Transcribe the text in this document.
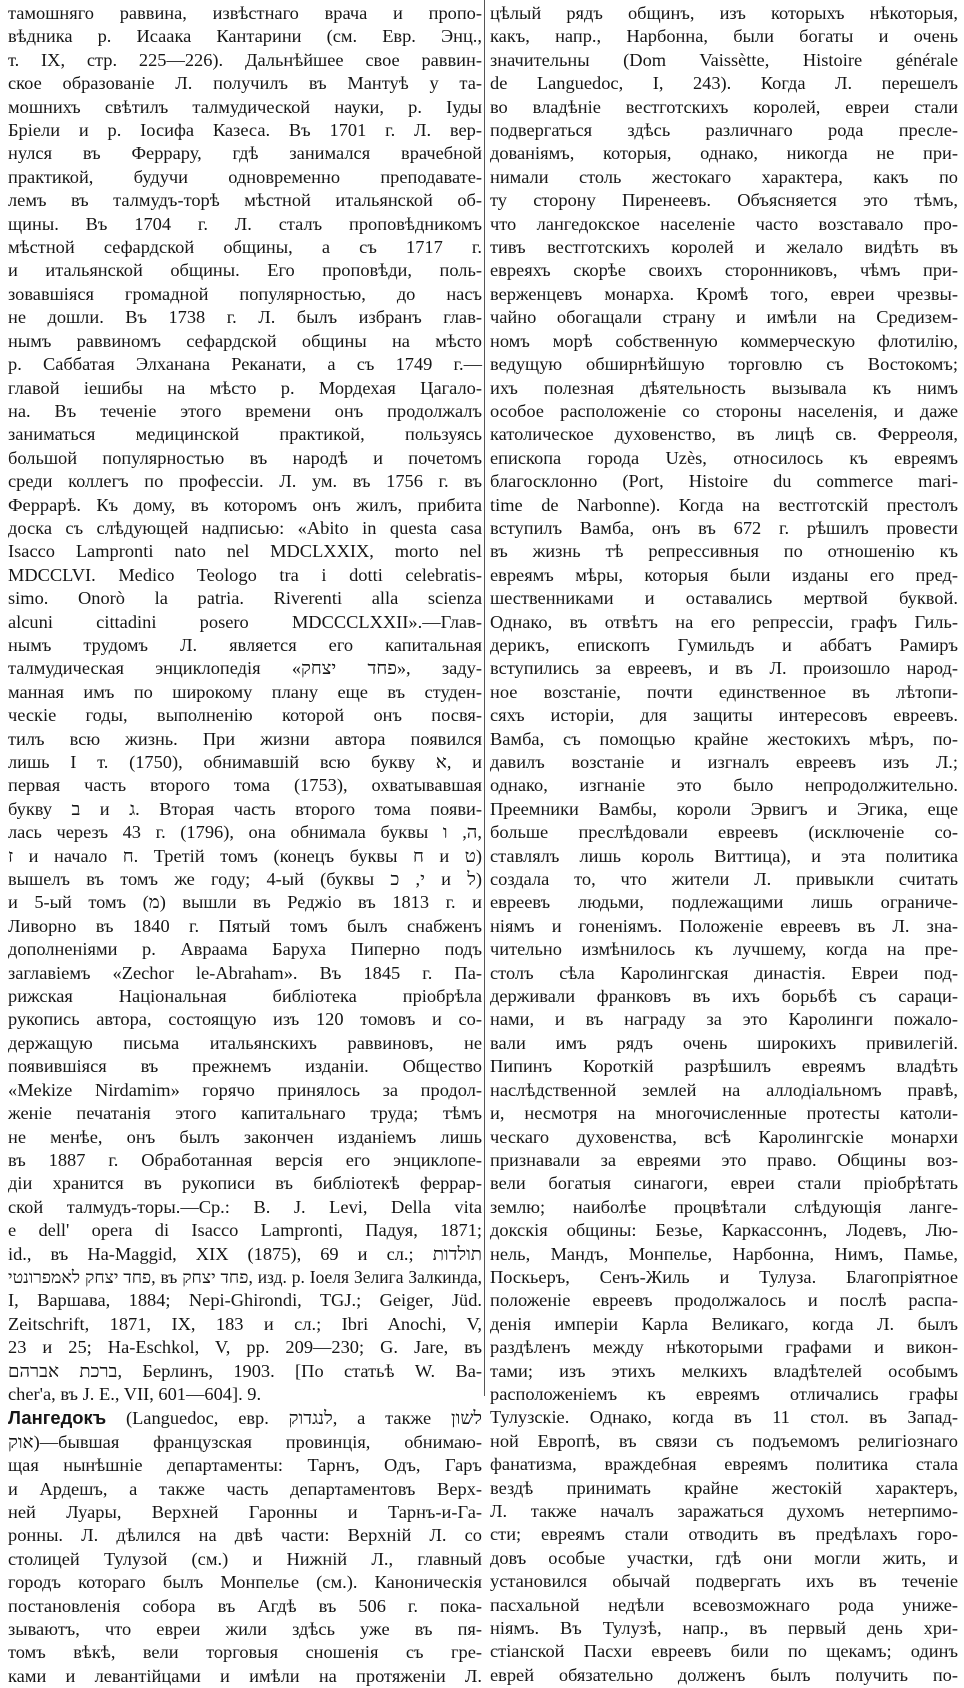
тамошняго раввина, извѣстнаго врача и пропо-
вѣдника р. Исаака Кантарини (см. Евр. Энц.,
т. IX, стр. 225—226). Дальнѣйшее свое раввин-
ское образованіе Л. получилъ въ Мантуѣ у та-
мошнихъ свѣтилъ талмудической науки, р. Іуды
Бріели и р. Іосифа Казеса. Въ 1701 г. Л. вер-
нулся въ Феррару, гдѣ занимался врачебной
практикой, будучи одновременно преподавате-
лемъ въ талмудъ-торѣ мѣстной итальянской об-
щины. Въ 1704 г. Л. сталъ проповѣдникомъ
мѣстной сефардской общины, а съ 1717 г.
и итальянской общины. Его проповѣди, поль-
зовавшіяся громадной популярностью, до насъ
не дошли. Въ 1738 г. Л. былъ избранъ глав-
нымъ раввиномъ сефардской общины на мѣсто
р. Саббатая Элханана Реканати, а съ 1749 г.—
главой іешибы на мѣсто р. Мордехая Цагало-
на. Въ теченіе этого времени онъ продолжалъ
заниматься медицинской практикой, пользуясь
большой популярностью въ народѣ и почетомъ
среди коллегъ по профессіи. Л. ум. въ 1756 г. въ
Феррарѣ. Къ дому, въ которомъ онъ жилъ, прибита
доска съ слѣдующей надписью: «Abito in questa casa
Isacco Lampronti nato nel MDCLXXIX, morto nel
MDCCLVI. Medico Teologo tra i dotti celebratis-
simo. Onorò la patria. Riverenti alla scienza
alcuni cittadini posero MDCCCLXXII».—Глав-
нымъ трудомъ Л. является его капитальная
талмудическая энциклопедія «פחד יצחק», заду-
манная имъ по широкому плану еще въ студен-
ческіе годы, выполненію которой онъ посвя-
тилъ всю жизнь. При жизни автора появился
лишь I т. (1750), обнимавшій всю букву א, и
первая часть второго тома (1753), охватывавшая
букву ב и ג. Вторая часть второго тома появи-
лась черезъ 43 г. (1796), она обнимала буквы ה, ו,
ז и начало ח. Третій томъ (конецъ буквы ח и ט)
вышелъ въ томъ же году; 4-ый (буквы י, כ и ל)
и 5-ый томъ (מ) вышли въ Реджіо въ 1813 г. и
Ливорно въ 1840 г. Пятый томъ былъ снабженъ
дополненіями р. Авраама Баруха Пиперно подъ
заглавіемъ «Zechor le-Abraham». Въ 1845 г. Па-
рижская Національная библіотека пріобрѣла
рукопись автора, состоящую изъ 120 томовъ и со-
держащую письма итальянскихъ раввиновъ, не
появившіяся въ прежнемъ изданіи. Общество
«Mekize Nirdamim» горячо принялось за продол-
женіе печатанія этого капитальнаго труда; тѣмъ
не менѣе, онъ былъ закончен изданіемъ лишь
въ 1887 г. Обработанная версія его энциклопе-
діи хранится въ рукописи въ библіотекѣ феррар-
ской талмудъ-торы.—Ср.: B. J. Levi, Della vita
e dell' opera di Isacco Lampronti, Падуя, 1871;
id., въ Ha-Maggid, XIX (1875), 69 и сл.; תולדות
פחד יצחק לאמפרונטי, въ פחד יצחק, изд. р. Іоеля Зелига Залкинда,
I, Варшава, 1884; Nepi-Ghirondi, TGJ.; Geiger, Jüd.
Zeitschrift, 1871, IX, 183 и сл.; Ibri Anochi, V,
23 и 25; Ha-Eschkol, V, pp. 209—230; G. Jare, въ
ברכת אברהם, Берлинъ, 1903. [По статьѣ W. Ba-
cher'a, въ J. E., VII, 601—604]. 9.
Лангедокъ (Languedoc, евр. לנגדוק, а также לשון
אוק)—бывшая французская провинція, обнимаю-
щая нынѣшніе департаменты: Тарнъ, Одъ, Гаръ
и Ардешъ, а также часть департаментовъ Верх-
ней Луары, Верхней Гаронны и Тарнъ-и-Га-
ронны. Л. дѣлился на двѣ части: Верхній Л. со
столицей Тулузой (см.) и Нижній Л., главный
городъ котораго былъ Монпелье (см.). Каноническія
постановленія собора въ Агдѣ въ 506 г. пока-
зываютъ, что евреи жили здѣсь уже въ пя-
томъ вѣкѣ, вели торговыя сношенія съ гре-
ками и левантійцами и имѣли на протяженіи Л.
цѣлый рядъ общинъ, изъ которыхъ нѣкоторыя,
какъ, напр., Нарбонна, были богаты и очень
значительны (Dom Vaissètte, Histoire générale
de Languedoc, I, 243). Когда Л. перешелъ
во владѣніе вестготскихъ королей, евреи стали
подвергаться здѣсь различнаго рода пресле-
дованіямъ, которыя, однако, никогда не при-
нимали столь жестокаго характера, какъ по
ту сторону Пиренеевъ. Объясняется это тѣмъ,
что лангедокское населеніе часто возставало про-
тивъ вестготскихъ королей и желало видѣть въ
евреяхъ скорѣе своихъ сторонниковъ, чѣмъ при-
верженцевъ монарха. Кромѣ того, евреи чрезвы-
чайно обогащали страну и имѣли на Средизем-
номъ морѣ собственную коммерческую флотилію,
ведущую обширнѣйшую торговлю съ Востокомъ;
ихъ полезная дѣятельность вызывала къ нимъ
особое расположеніе со стороны населенія, и даже
католическое духовенство, въ лицѣ св. Ферреоля,
епископа города Uzès, относилось къ евреямъ
благосклонно (Port, Histoire du commerce mari-
time de Narbonne). Когда на вестготскій престолъ
вступилъ Вамба, онъ въ 672 г. рѣшилъ провести
въ жизнь тѣ репрессивныя по отношенію къ
евреямъ мѣры, которыя были изданы его пред-
шественниками и оставались мертвой буквой.
Однако, въ отвѣтъ на его репрессіи, графъ Гиль-
дерикъ, епископъ Гумильдъ и аббатъ Рамиръ
вступились за евреевъ, и въ Л. произошло народ-
ное возстаніе, почти единственное въ лѣтопи-
сяхъ исторіи, для защиты интересовъ евреевъ.
Вамба, съ помощью крайне жестокихъ мѣръ, по-
давилъ возстаніе и изгналъ евреевъ изъ Л.;
однако, изгнаніе это было непродолжительно.
Преемники Вамбы, короли Эрвигъ и Эгика, еще
больше преслѣдовали евреевъ (исключеніе со-
ставлялъ лишь король Виттица), и эта политика
создала то, что жители Л. привыкли считать
евреевъ людьми, подлежащими лишь ограниче-
ніямъ и гоненіямъ. Положеніе евреевъ въ Л. зна-
чительно измѣнилось къ лучшему, когда на пре-
столъ сѣла Каролингская династія. Евреи под-
держивали франковъ въ ихъ борьбѣ съ сараци-
нами, и въ награду за это Каролинги пожало-
вали имъ рядъ очень широкихъ привилегій.
Пипинъ Короткій разрѣшилъ евреямъ владѣть
наслѣдственной землей на аллодіальномъ правѣ,
и, несмотря на многочисленные протесты католи-
ческаго духовенства, всѣ Каролингскіе монархи
признавали за евреями это право. Общины воз-
вели богатыя синагоги, евреи стали пріобрѣтать
землю; наиболѣе процвѣтали слѣдующія ланге-
докскія общины: Безье, Каркассоннъ, Лодевъ, Лю-
нель, Мандъ, Монпелье, Нарбонна, Нимъ, Памье,
Поскьеръ, Сенъ-Жиль и Тулуза. Благопріятное
положеніе евреевъ продолжалось и послѣ распа-
денія имперіи Карла Великаго, когда Л. былъ
раздѣленъ между нѣкоторыми графами и викон-
тами; изъ этихъ мелкихъ владѣтелей особымъ
расположеніемъ къ евреямъ отличались графы
Тулузскіе. Однако, когда въ 11 стол. въ Запад-
ной Европѣ, въ связи съ подъемомъ религіознаго
фанатизма, враждебная евреямъ политика стала
вездѣ принимать крайне жестокій характеръ,
Л. также началъ заражаться духомъ нетерпимо-
сти; евреямъ стали отводить въ предѣлахъ горо-
довъ особые участки, гдѣ они могли жить, и
установился обычай подвергать ихъ въ теченіе
пасхальной недѣли всевозможнаго рода униже-
ніямъ. Въ Тулузѣ, напр., въ первый день хри-
стіанской Пасхи евреевъ били по щекамъ; одинъ
еврей обязательно долженъ былъ получить по-
